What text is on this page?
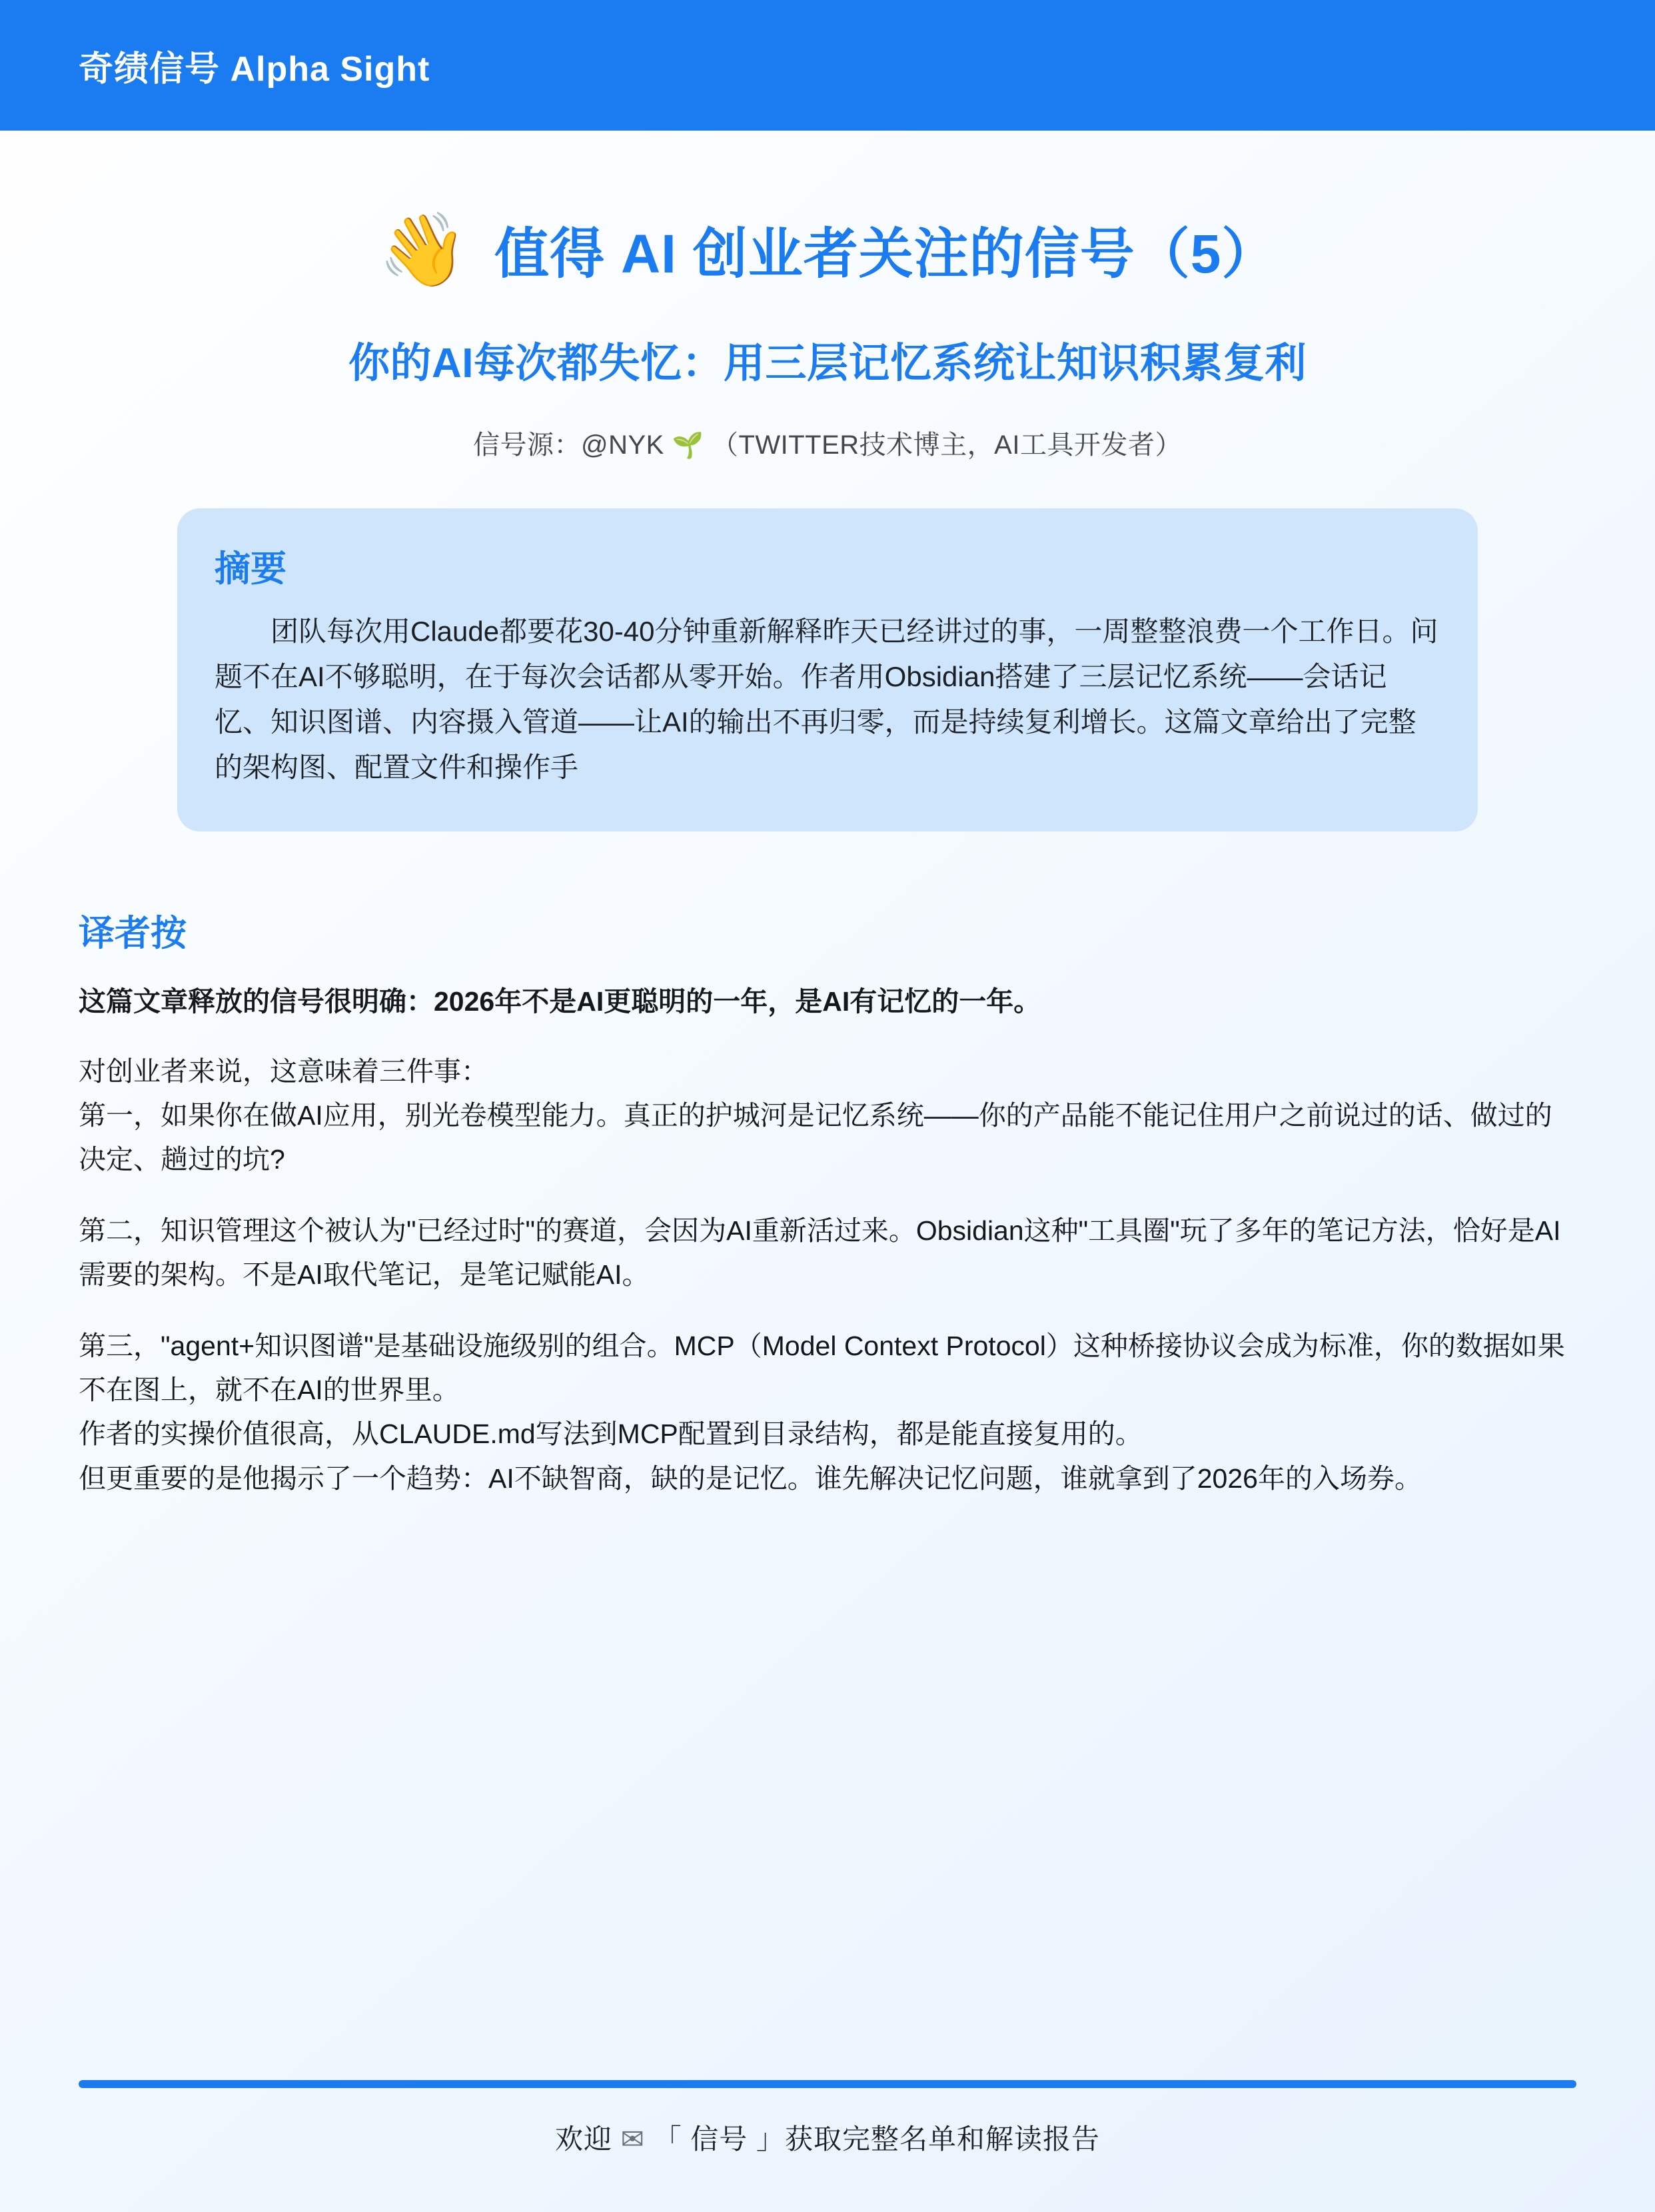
奇绩信号 Alpha Sight
👋 值得 AI 创业者关注的信号（5）
你的AI每次都失忆：用三层记忆系统让知识积累复利
信号源：@NYK 🌱 （TWITTER技术博主，AI工具开发者）
摘要
团队每次用Claude都要花30-40分钟重新解释昨天已经讲过的事，一周整整浪费一个工作日。问题不在AI不够聪明，在于每次会话都从零开始。作者用Obsidian搭建了三层记忆系统——会话记忆、知识图谱、内容摄入管道——让AI的输出不再归零，而是持续复利增长。这篇文章给出了完整的架构图、配置文件和操作手
译者按
这篇文章释放的信号很明确：2026年不是AI更聪明的一年，是AI有记忆的一年。
对创业者来说，这意味着三件事：
第一，如果你在做AI应用，别光卷模型能力。真正的护城河是记忆系统——你的产品能不能记住用户之前说过的话、做过的决定、趟过的坑?
第二，知识管理这个被认为"已经过时"的赛道，会因为AI重新活过来。Obsidian这种"工具圈"玩了多年的笔记方法，恰好是AI需要的架构。不是AI取代笔记，是笔记赋能AI。
第三，"agent+知识图谱"是基础设施级别的组合。MCP（Model Context Protocol）这种桥接协议会成为标准，你的数据如果不在图上，就不在AI的世界里。
作者的实操价值很高，从CLAUDE.md写法到MCP配置到目录结构，都是能直接复用的。
但更重要的是他揭示了一个趋势：AI不缺智商，缺的是记忆。谁先解决记忆问题，谁就拿到了2026年的入场券。
欢迎 ✉ 「 信号 」获取完整名单和解读报告
